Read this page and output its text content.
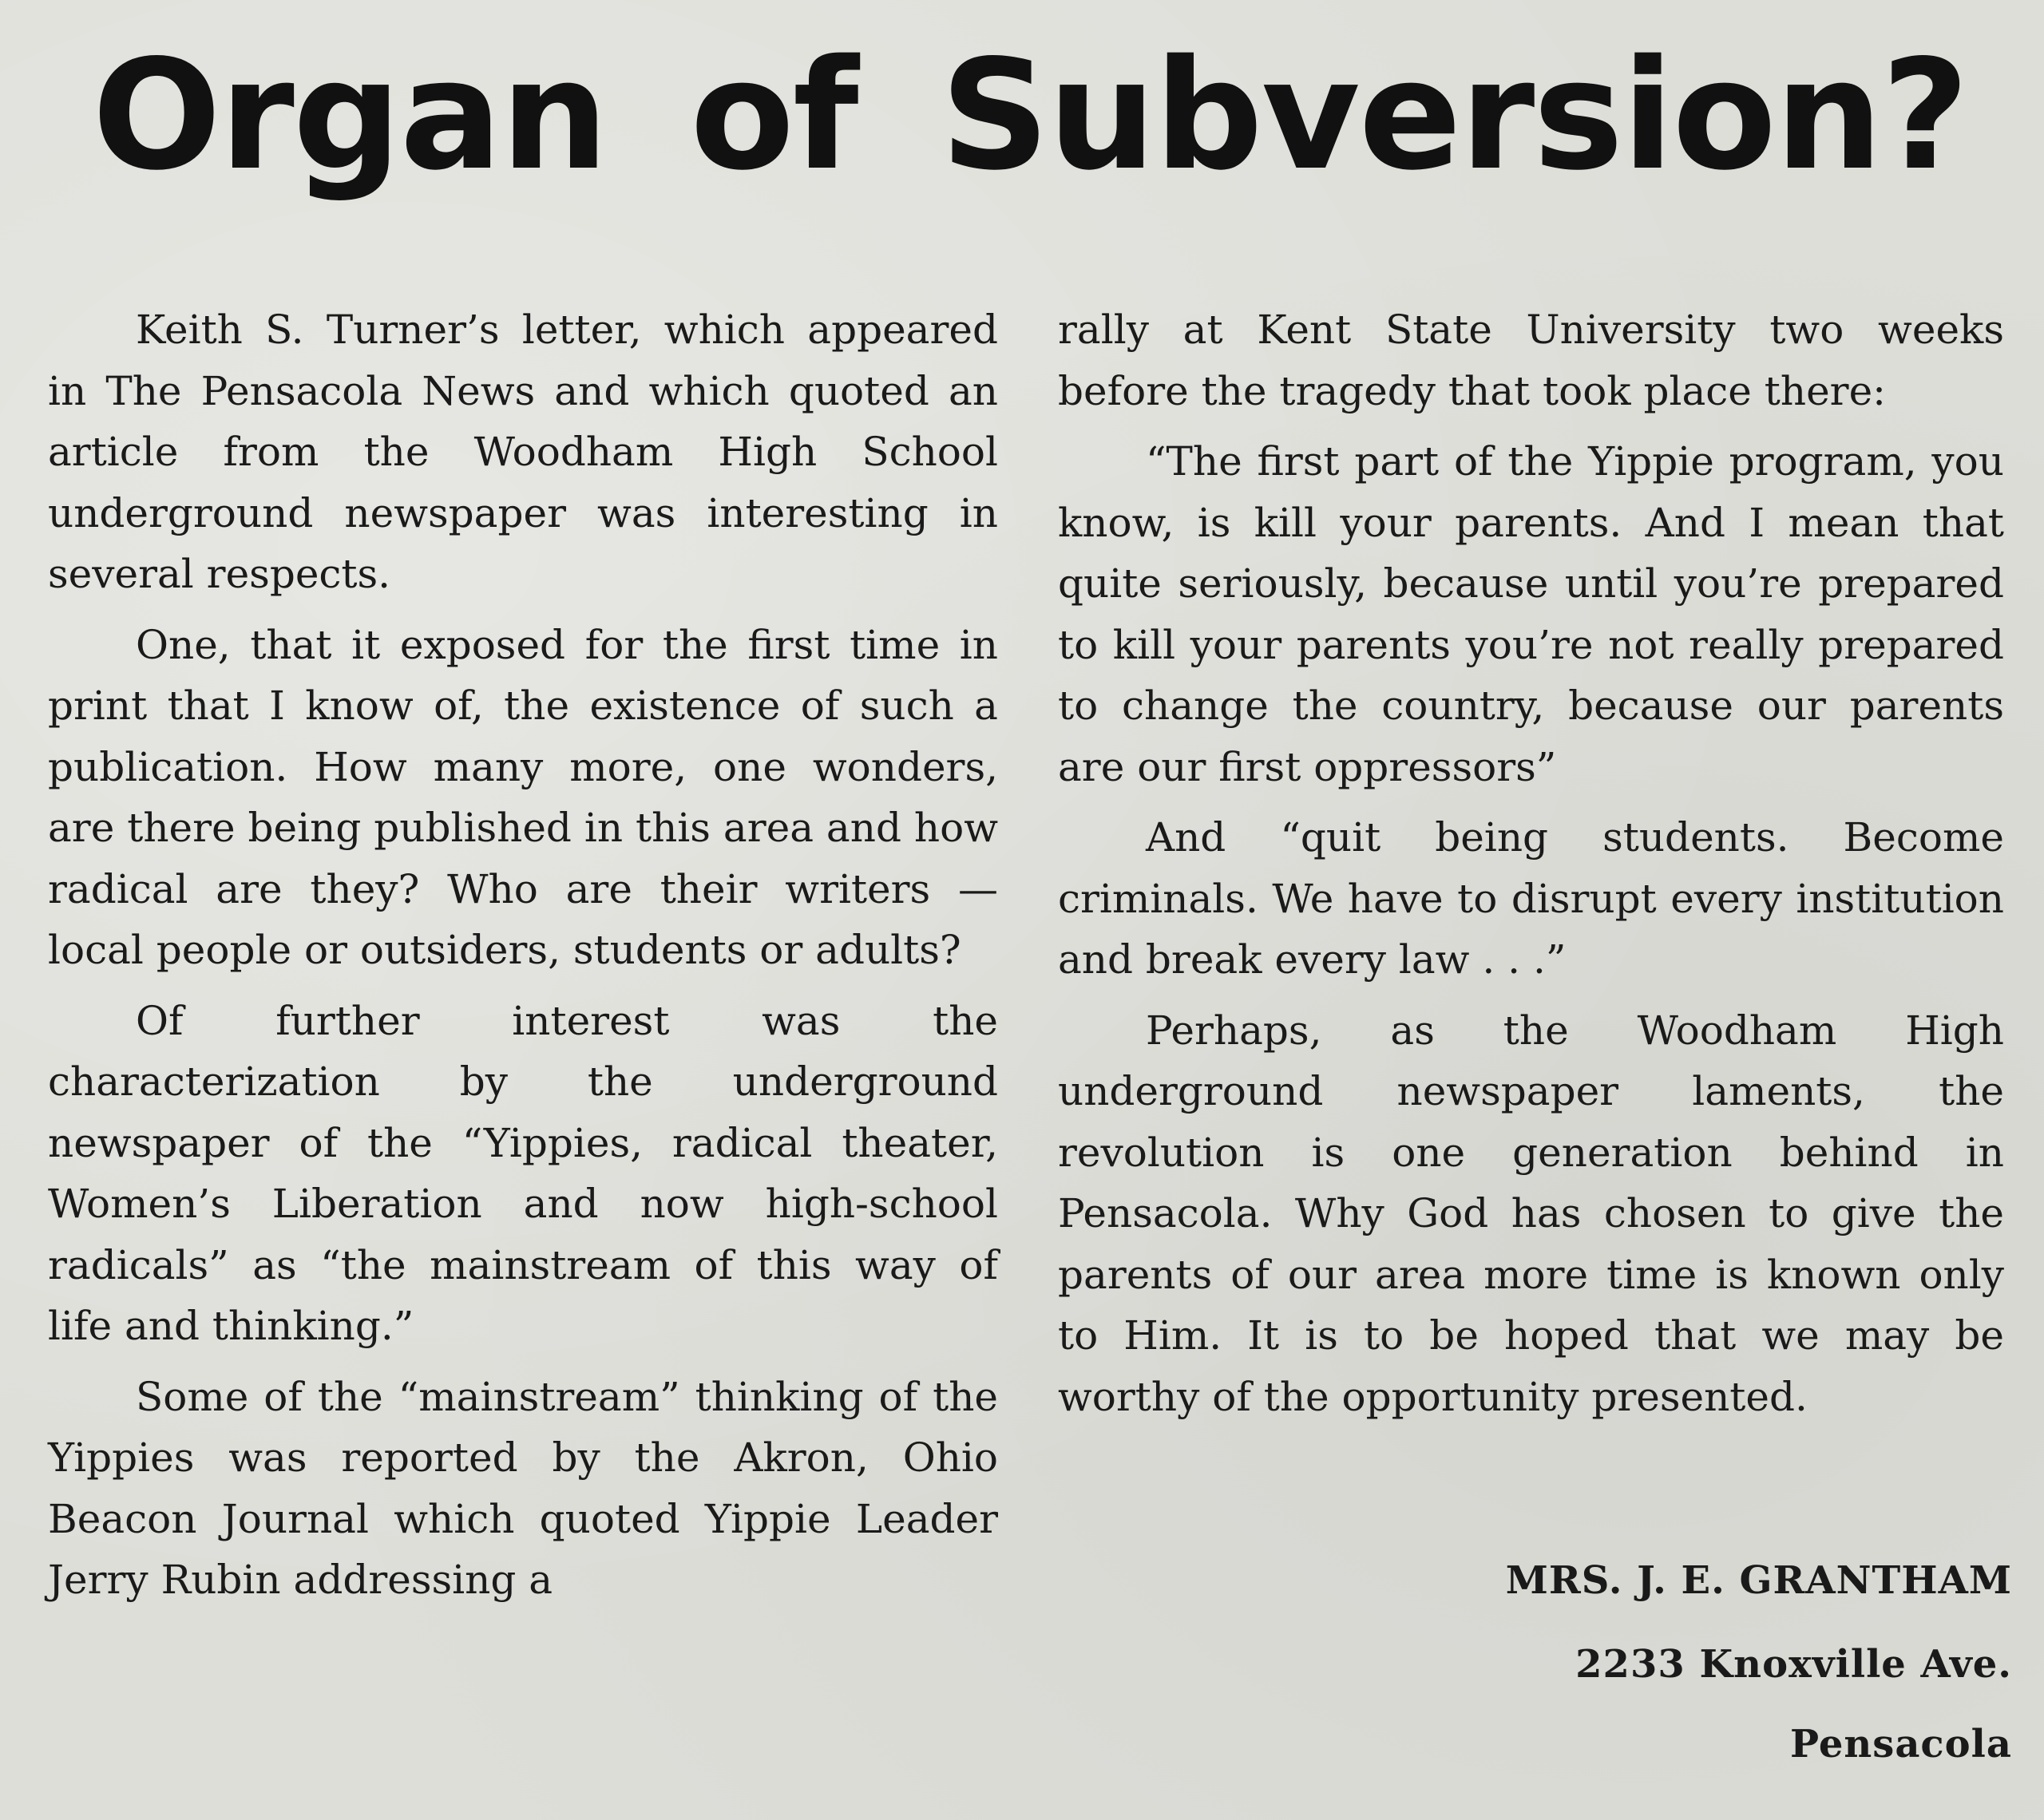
Organ of Subversion?

Keith S. Turner’s letter, which appeared in The Pensacola News and which quoted an article from the Woodham High School underground newspaper was interesting in several respects.

One, that it exposed for the first time in print that I know of, the existence of such a publication. How many more, one wonders, are there being published in this area and how radical are they? Who are their writers — local people or outsiders, students or adults?

Of further interest was the characterization by the underground newspaper of the “Yippies, radical theater, Women’s Liberation and now high-school radicals” as “the mainstream of this way of life and thinking.”

Some of the “mainstream” thinking of the Yippies was reported by the Akron, Ohio Beacon Journal which quoted Yippie Leader Jerry Rubin addressing a

rally at Kent State University two weeks before the tragedy that took place there:

“The first part of the Yippie program, you know, is kill your parents. And I mean that quite seriously, because until you’re prepared to kill your parents you’re not really prepared to change the country, because our parents are our first oppressors”

And “quit being students. Become criminals. We have to disrupt every institution and break every law . . .”

Perhaps, as the Woodham High underground newspaper laments, the revolution is one generation behind in Pensacola. Why God has chosen to give the parents of our area more time is known only to Him. It is to be hoped that we may be worthy of the opportunity presented.

MRS. J. E. GRANTHAM

2233 Knoxville Ave.

Pensacola
